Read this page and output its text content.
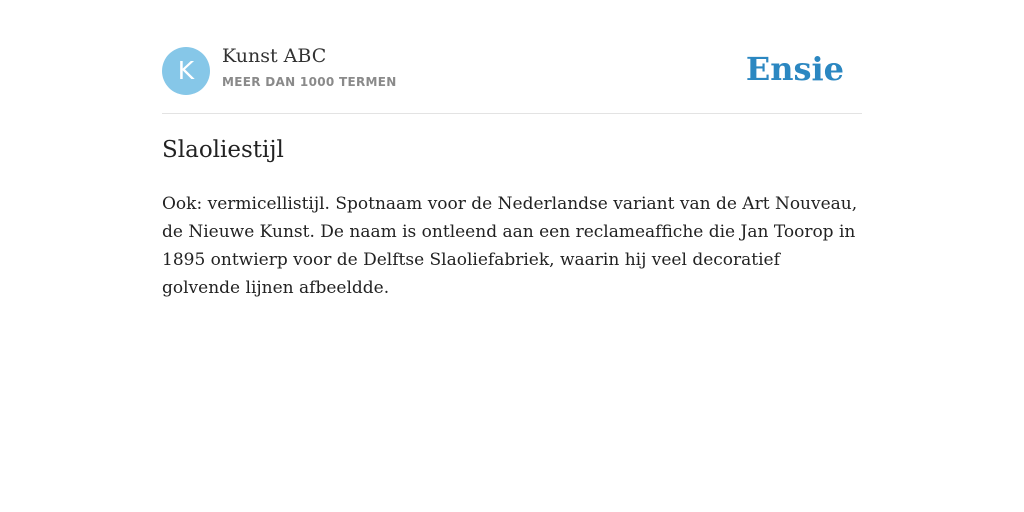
K	Kunst ABC
MEER DAN 1000 TERMEN	Ensie
Slaoliestijl
Ook: vermicellistijl. Spotnaam voor de Nederlandse variant van de Art Nouveau, de Nieuwe Kunst. De naam is ontleend aan een reclameafﬁche die Jan Toorop in 1895 ontwierp voor de Delftse Slaoliefabriek, waarin hij veel decoratief golvende lijnen afbeeldde.
